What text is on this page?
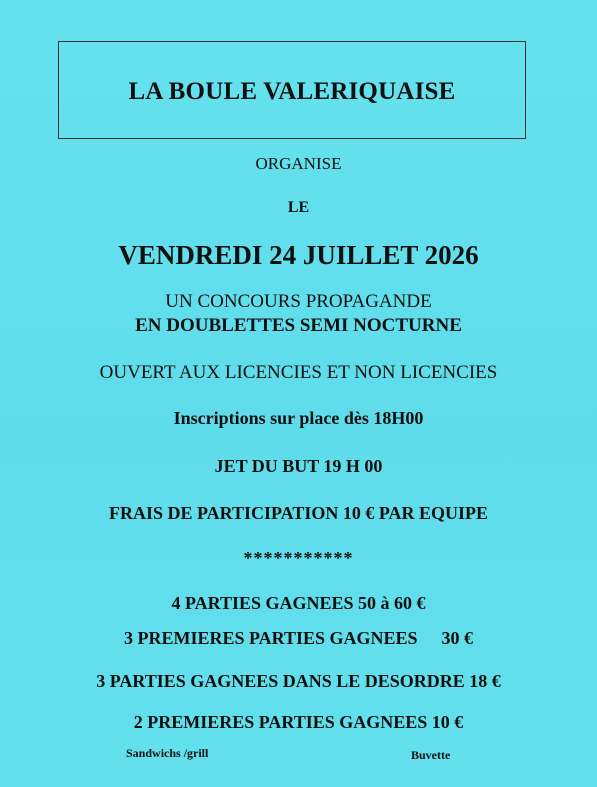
LA BOULE VALERIQUAISE
ORGANISE
LE
VENDREDI 24 JUILLET 2026
UN CONCOURS PROPAGANDE
EN DOUBLETTES SEMI NOCTURNE
OUVERT AUX LICENCIES ET NON LICENCIES
Inscriptions sur place dès 18H00
JET DU BUT 19 H 00
FRAIS DE PARTICIPATION 10 € PAR EQUIPE
***********
4 PARTIES GAGNEES 50 à 60 €
3 PREMIERES PARTIES GAGNEES 30 €
3 PARTIES GAGNEES DANS LE DESORDRE 18 €
2 PREMIERES PARTIES GAGNEES 10 €
Sandwichs /grill	Buvette
